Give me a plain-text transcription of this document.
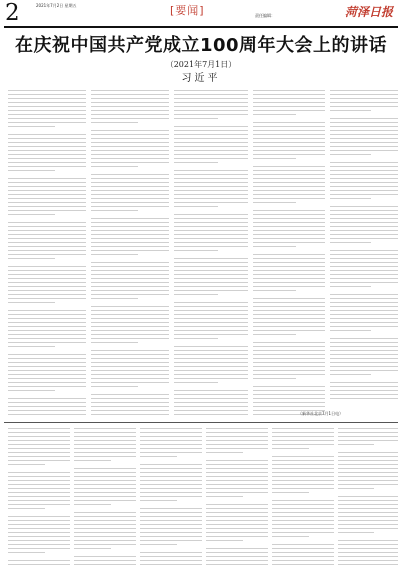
2	2021年7月2日 星期五	[要闻]	责任编辑：	菏泽日报
在庆祝中国共产党成立100周年大会上的讲话
（2021年7月1日）
习近平
（新华社北京7月1日电）
